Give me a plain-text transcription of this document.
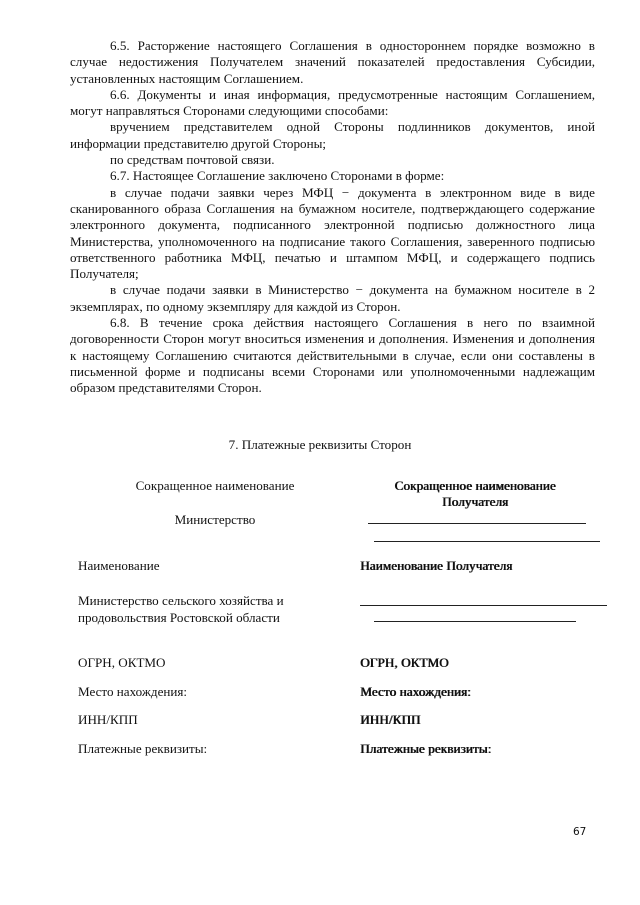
6.5. Расторжение настоящего Соглашения в одностороннем порядке возможно в случае недостижения Получателем значений показателей предоставления Субсидии, установленных настоящим Соглашением.

6.6. Документы и иная информация, предусмотренные настоящим Соглашением, могут направляться Сторонами следующими способами:

вручением представителем одной Стороны подлинников документов, иной информации представителю другой Стороны;

по средствам почтовой связи.

6.7. Настоящее Соглашение заключено Сторонами в форме:

в случае подачи заявки через МФЦ − документа в электронном виде в виде сканированного образа Соглашения на бумажном носителе, подтверждающего содержание электронного документа, подписанного электронной подписью должностного лица Министерства, уполномоченного на подписание такого Соглашения, заверенного подписью ответственного работника МФЦ, печатью и штампом МФЦ, и содержащего подпись Получателя;

в случае подачи заявки в Министерство − документа на бумажном носителе в 2 экземплярах, по одному экземпляру для каждой из Сторон.

6.8. В течение срока действия настоящего Соглашения в него по взаимной договоренности Сторон могут вноситься изменения и дополнения. Изменения и дополнения к настоящему Соглашению считаются действительными в случае, если они составлены в письменной форме и подписаны всеми Сторонами или уполномоченными надлежащим образом представителями Сторон.

7. Платежные реквизиты Сторон
Сокращенное наименование
Министерство
Наименование
Министерство сельского хозяйства и
продовольствия Ростовской области
ОГРН, ОКТМО
Место нахождения:
ИНН/КПП
Платежные реквизиты:
Сокращенное наименование
Получателя
Наименование Получателя
ОГРН, ОКТМО
Место нахождения:
ИНН/КПП
Платежные реквизиты:
67
